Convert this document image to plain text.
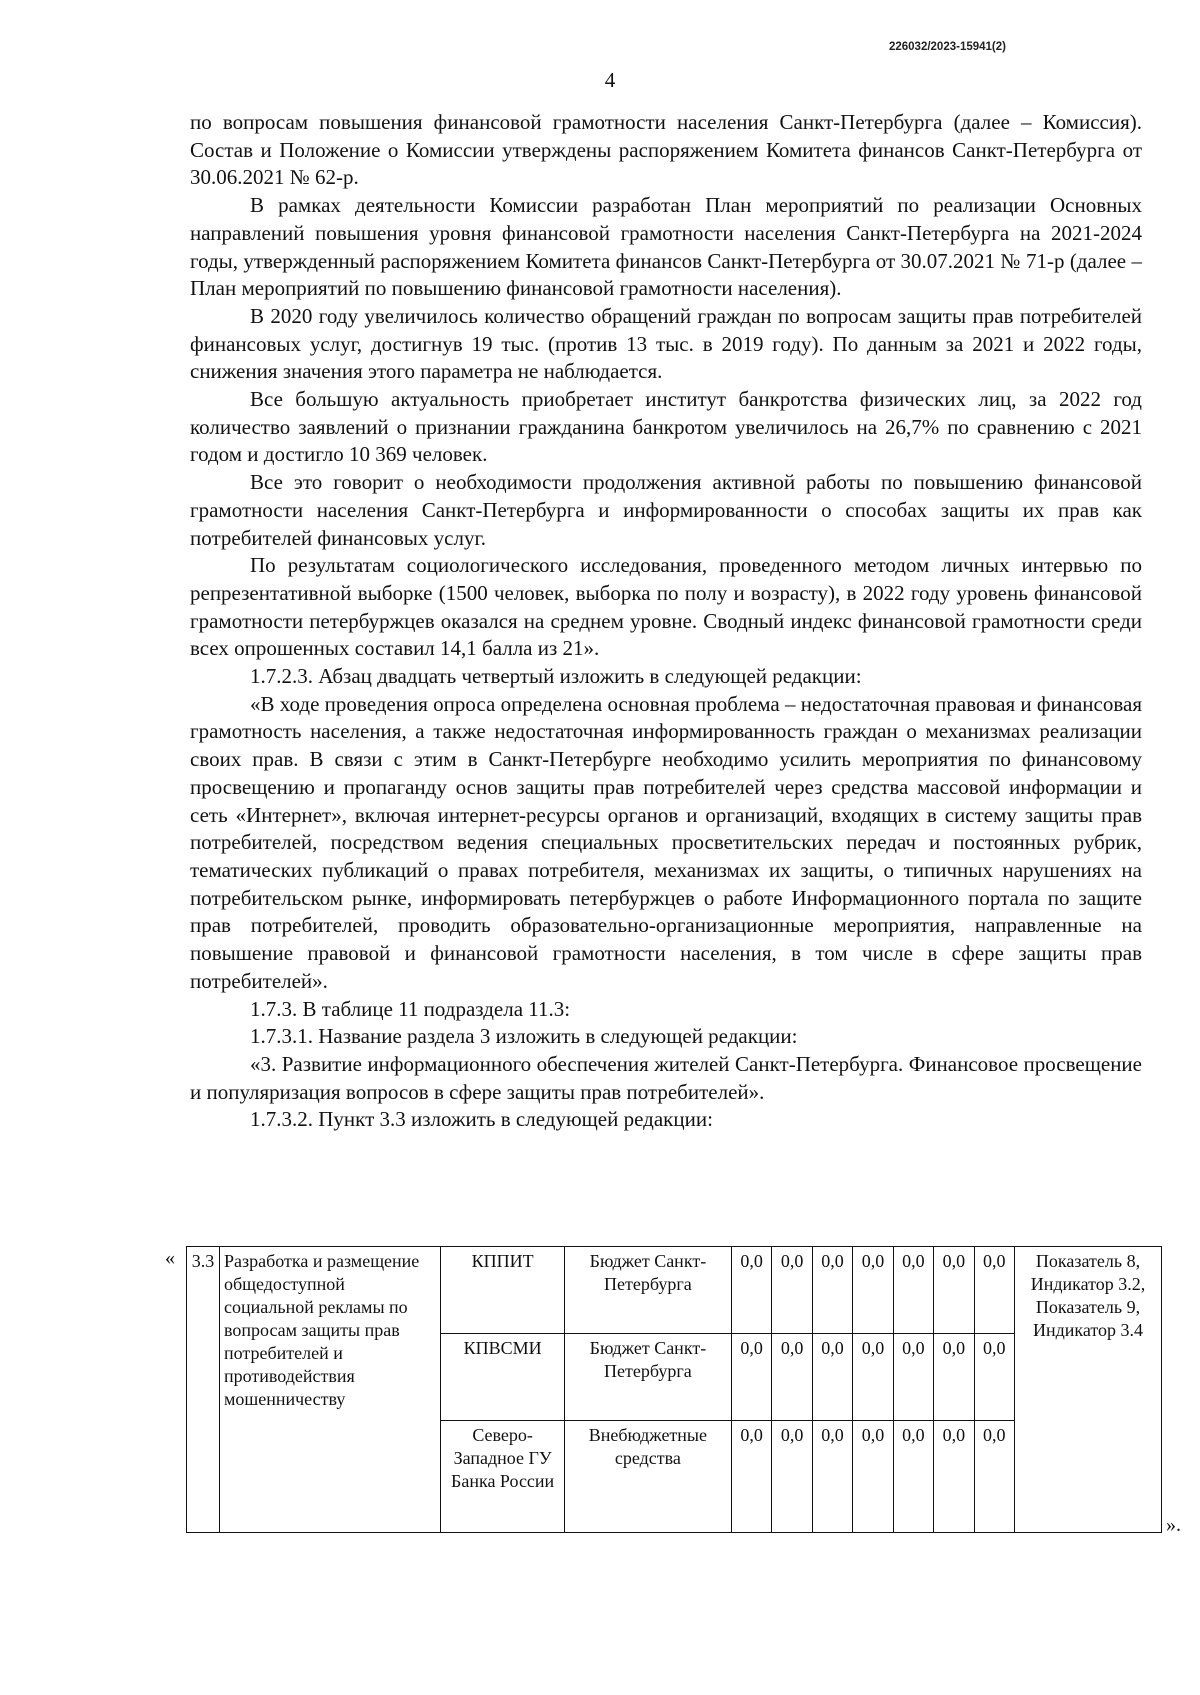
226032/2023-15941(2)
4

по вопросам повышения финансовой грамотности населения Санкт-Петербурга (далее – Комиссия). Состав и Положение о Комиссии утверждены распоряжением Комитета финансов Санкт-Петербурга от 30.06.2021 № 62-р.

В рамках деятельности Комиссии разработан План мероприятий по реализации Основных направлений повышения уровня финансовой грамотности населения Санкт-Петербурга на 2021-2024 годы, утвержденный распоряжением Комитета финансов Санкт-Петербурга от 30.07.2021 № 71-р (далее – План мероприятий по повышению финансовой грамотности населения).

В 2020 году увеличилось количество обращений граждан по вопросам защиты прав потребителей финансовых услуг, достигнув 19 тыс. (против 13 тыс. в 2019 году). По данным за 2021 и 2022 годы, снижения значения этого параметра не наблюдается.

Все большую актуальность приобретает институт банкротства физических лиц, за 2022 год количество заявлений о признании гражданина банкротом увеличилось на 26,7% по сравнению с 2021 годом и достигло 10 369 человек.

Все это говорит о необходимости продолжения активной работы по повышению финансовой грамотности населения Санкт-Петербурга и информированности о способах защиты их прав как потребителей финансовых услуг.

По результатам социологического исследования, проведенного методом личных интервью по репрезентативной выборке (1500 человек, выборка по полу и возрасту), в 2022 году уровень финансовой грамотности петербуржцев оказался на среднем уровне. Сводный индекс финансовой грамотности среди всех опрошенных составил 14,1 балла из 21».

1.7.2.3. Абзац двадцать четвертый изложить в следующей редакции:

«В ходе проведения опроса определена основная проблема – недостаточная правовая и финансовая грамотность населения, а также недостаточная информированность граждан о механизмах реализации своих прав. В связи с этим в Санкт-Петербурге необходимо усилить мероприятия по финансовому просвещению и пропаганду основ защиты прав потребителей через средства массовой информации и сеть «Интернет», включая интернет-ресурсы органов и организаций, входящих в систему защиты прав потребителей, посредством ведения специальных просветительских передач и постоянных рубрик, тематических публикаций о правах потребителя, механизмах их защиты, о типичных нарушениях на потребительском рынке, информировать петербуржцев о работе Информационного портала по защите прав потребителей, проводить образовательно-организационные мероприятия, направленные на повышение правовой и финансовой грамотности населения, в том числе в сфере защиты прав потребителей».

1.7.3. В таблице 11 подраздела 11.3:

1.7.3.1. Название раздела 3 изложить в следующей редакции:

«3. Развитие информационного обеспечения жителей Санкт-Петербурга. Финансовое просвещение и популяризация вопросов в сфере защиты прав потребителей».

1.7.3.2. Пункт 3.3 изложить в следующей редакции:

« 3.3	Разработка и размещение общедоступной социальной рекламы по вопросам защиты прав потребителей и противодействия мошенничеству	КППИТ	Бюджет Санкт-Петербурга	0,0	0,0	0,0	0,0	0,0	0,0	0,0	Показатель 8, Индикатор 3.2, Показатель 9, Индикатор 3.4
		КПВСМИ	Бюджет Санкт-Петербурга	0,0	0,0	0,0	0,0	0,0	0,0	0,0	
		Северо-Западное ГУ Банка России	Внебюджетные средства	0,0	0,0	0,0	0,0	0,0	0,0	0,0	
».
